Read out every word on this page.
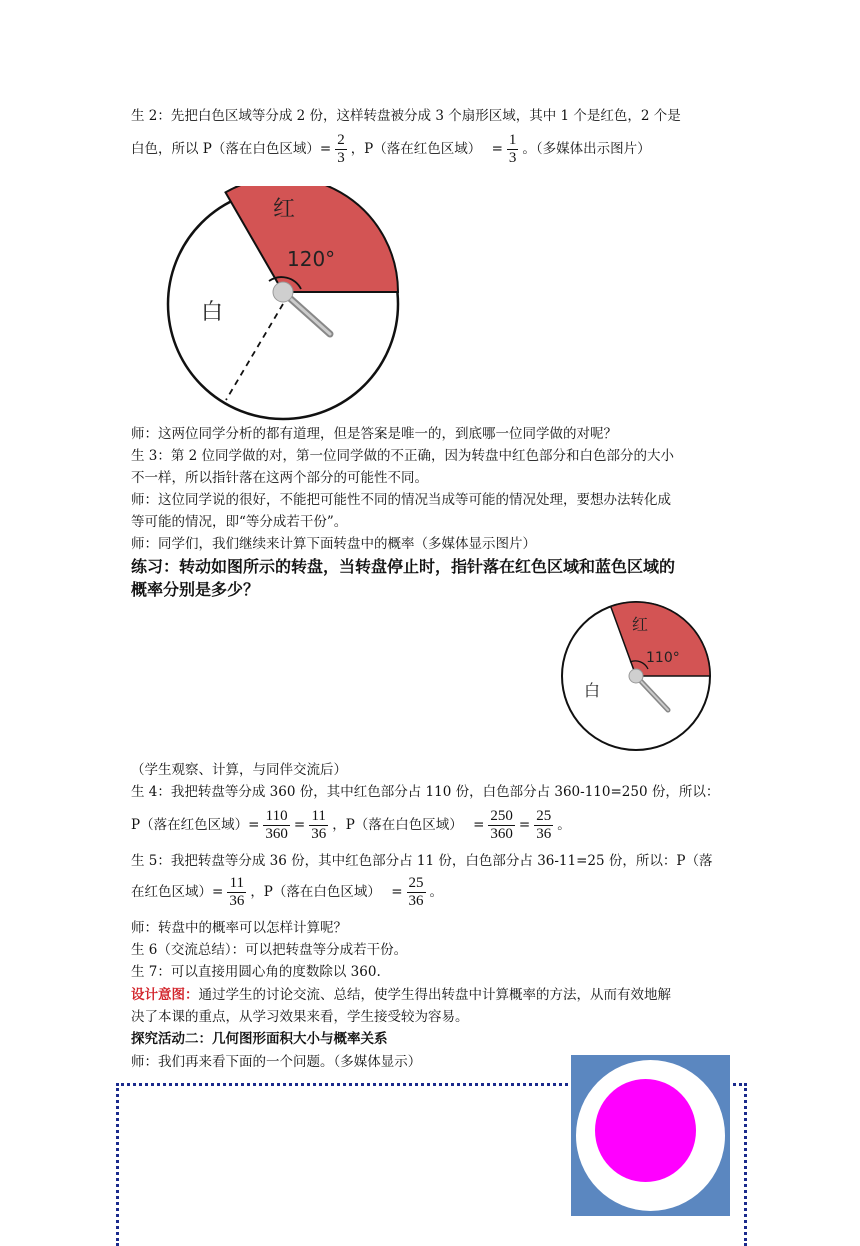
生 2：先把白色区域等分成 2 份，这样转盘被分成 3 个扇形区域，其中 1 个是红色，2 个是
白色，所以 P（落在白色区域）= $\frac{2}{3}$ ，P（落在红色区域） = $\frac{1}{3}$ 。（多媒体出示图片）
红
120°
白
师：这两位同学分析的都有道理，但是答案是唯一的，到底哪一位同学做的对呢？
生 3：第 2 位同学做的对，第一位同学做的不正确，因为转盘中红色部分和白色部分的大小
不一样，所以指针落在这两个部分的可能性不同。
师：这位同学说的很好，不能把可能性不同的情况当成等可能的情况处理，要想办法转化成
等可能的情况，即“等分成若干份”。
师：同学们，我们继续来计算下面转盘中的概率（多媒体显示图片）
练习：转动如图所示的转盘，当转盘停止时，指针落在红色区域和蓝色区域的
概率分别是多少？
红
110°
白
（学生观察、计算，与同伴交流后）
生 4：我把转盘等分成 360 份，其中红色部分占 110 份，白色部分占 360-110=250 份，所以：
P（落在红色区域）= $\frac{110}{360} = \frac{11}{36}$ ，P（落在白色区域） = $\frac{250}{360} = \frac{25}{36}$ 。
生 5：我把转盘等分成 36 份，其中红色部分占 11 份，白色部分占 36-11=25 份，所以：P（落
在红色区域）= $\frac{11}{36}$ ，P（落在白色区域） = $\frac{25}{36}$ 。
师：转盘中的概率可以怎样计算呢？
生 6（交流总结）：可以把转盘等分成若干份。
生 7：可以直接用圆心角的度数除以 360.
设计意图：通过学生的讨论交流、总结，使学生得出转盘中计算概率的方法，从而有效地解
决了本课的重点，从学习效果来看，学生接受较为容易。
探究活动二：几何图形面积大小与概率关系
师：我们再来看下面的一个问题。（多媒体显示）
